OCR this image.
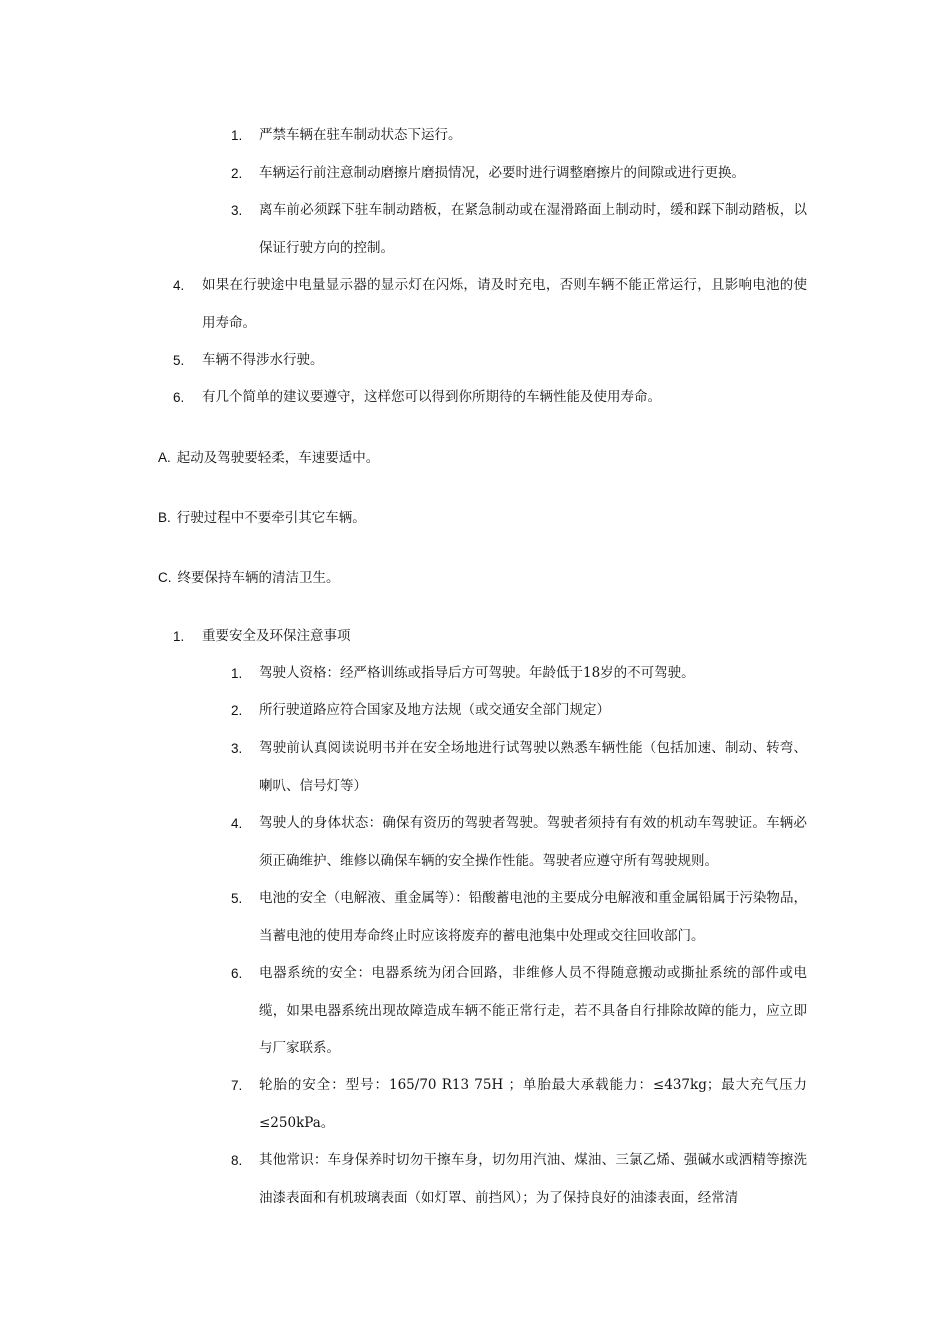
1. 严禁车辆在驻车制动状态下运行。
2. 车辆运行前注意制动磨擦片磨损情况，必要时进行调整磨擦片的间隙或进行更换。
3. 离车前必须踩下驻车制动踏板，在紧急制动或在湿滑路面上制动时，缓和踩下制动踏板，以保证行驶方向的控制。
4. 如果在行驶途中电量显示器的显示灯在闪烁，请及时充电，否则车辆不能正常运行，且影响电池的使用寿命。
5. 车辆不得涉水行驶。
6. 有几个简单的建议要遵守，这样您可以得到你所期待的车辆性能及使用寿命。
A. 起动及驾驶要轻柔，车速要适中。
B. 行驶过程中不要牵引其它车辆。
C. 终要保持车辆的清洁卫生。
1. 重要安全及环保注意事项
1. 驾驶人资格：经严格训练或指导后方可驾驶。年龄低于18岁的不可驾驶。
2. 所行驶道路应符合国家及地方法规（或交通安全部门规定）
3. 驾驶前认真阅读说明书并在安全场地进行试驾驶以熟悉车辆性能（包括加速、制动、转弯、喇叭、信号灯等）
4. 驾驶人的身体状态：确保有资历的驾驶者驾驶。驾驶者须持有有效的机动车驾驶证。车辆必须正确维护、维修以确保车辆的安全操作性能。驾驶者应遵守所有驾驶规则。
5. 电池的安全（电解液、重金属等）：铅酸蓄电池的主要成分电解液和重金属铅属于污染物品，当蓄电池的使用寿命终止时应该将废弃的蓄电池集中处理或交往回收部门。
6. 电器系统的安全：电器系统为闭合回路，非维修人员不得随意搬动或撕扯系统的部件或电缆，如果电器系统出现故障造成车辆不能正常行走，若不具备自行排除故障的能力，应立即与厂家联系。
7. 轮胎的安全：型号：165/70 R13 75H ；单胎最大承载能力：≤437kg；最大充气压力≤250kPa。
8. 其他常识：车身保养时切勿干擦车身，切勿用汽油、煤油、三氯乙烯、强碱水或洒精等擦洗油漆表面和有机玻璃表面（如灯罩、前挡风）；为了保持良好的油漆表面，经常清
